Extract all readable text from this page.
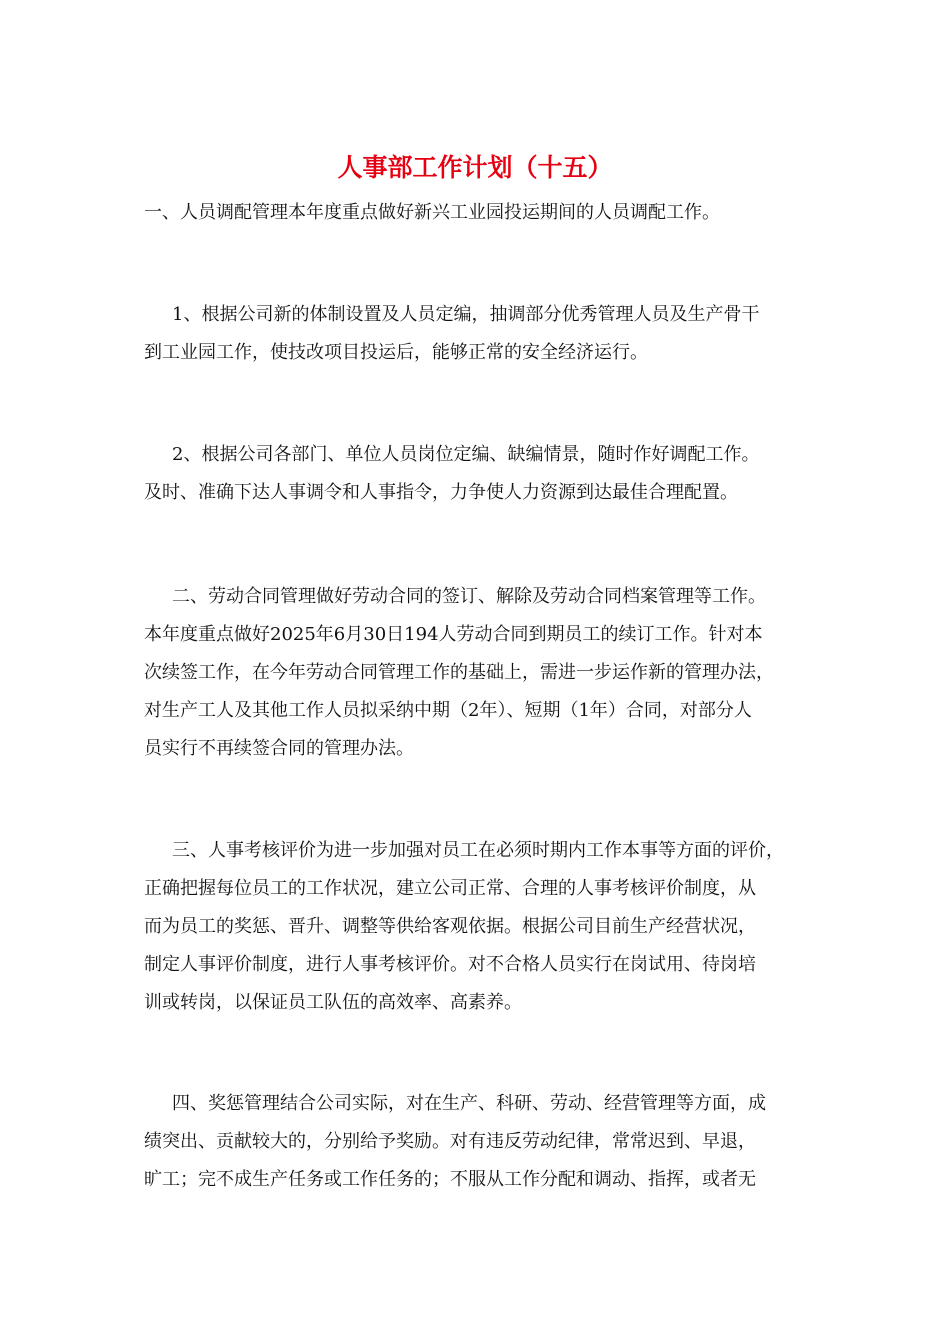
人事部工作计划（十五）
一、人员调配管理本年度重点做好新兴工业园投运期间的人员调配工作。
1、根据公司新的体制设置及人员定编，抽调部分优秀管理人员及生产骨干
到工业园工作，使技改项目投运后，能够正常的安全经济运行。
2、根据公司各部门、单位人员岗位定编、缺编情景，随时作好调配工作。
及时、准确下达人事调令和人事指令，力争使人力资源到达最佳合理配置。
二、劳动合同管理做好劳动合同的签订、解除及劳动合同档案管理等工作。
本年度重点做好2025年6月30日194人劳动合同到期员工的续订工作。针对本
次续签工作，在今年劳动合同管理工作的基础上，需进一步运作新的管理办法，
对生产工人及其他工作人员拟采纳中期（2年）、短期（1年）合同，对部分人
员实行不再续签合同的管理办法。
三、人事考核评价为进一步加强对员工在必须时期内工作本事等方面的评价，
正确把握每位员工的工作状况，建立公司正常、合理的人事考核评价制度，从
而为员工的奖惩、晋升、调整等供给客观依据。根据公司目前生产经营状况，
制定人事评价制度，进行人事考核评价。对不合格人员实行在岗试用、待岗培
训或转岗，以保证员工队伍的高效率、高素养。
四、奖惩管理结合公司实际，对在生产、科研、劳动、经营管理等方面，成
绩突出、贡献较大的，分别给予奖励。对有违反劳动纪律，常常迟到、早退，
旷工；完不成生产任务或工作任务的；不服从工作分配和调动、指挥，或者无
